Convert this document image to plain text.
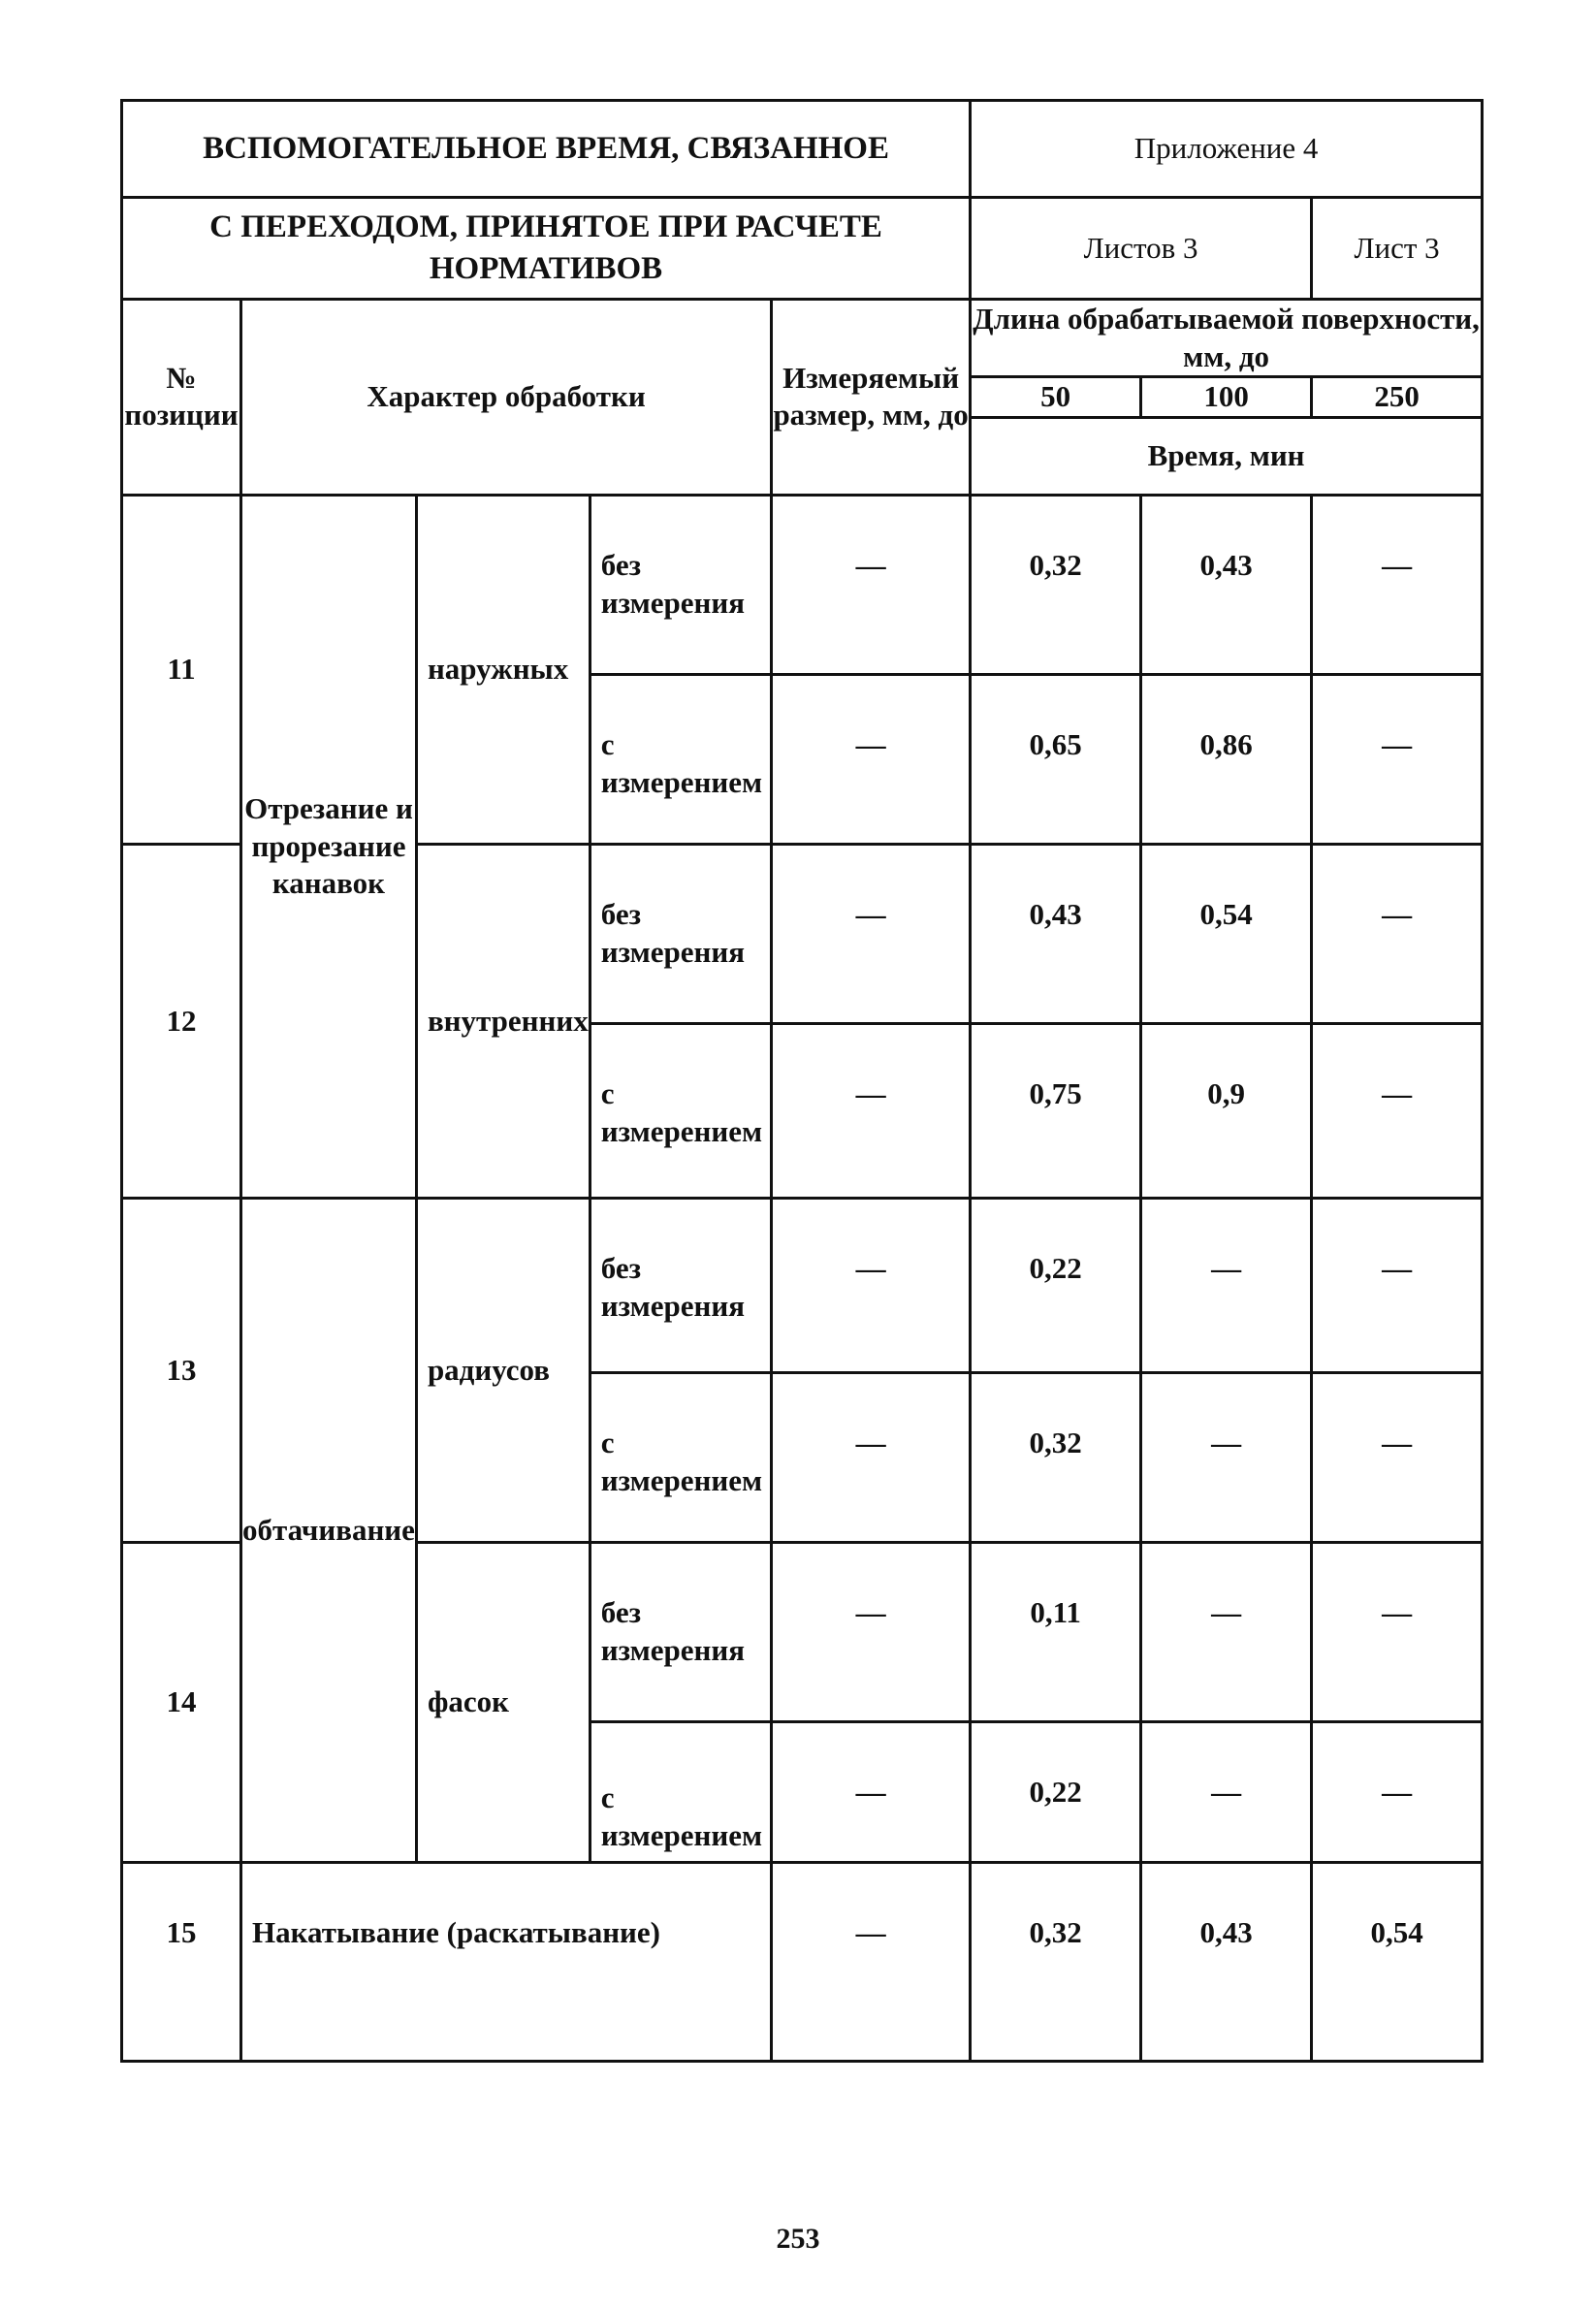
ВСПОМОГАТЕЛЬНОЕ ВРЕМЯ, СВЯЗАННОЕ					Приложение 4		
С ПЕРЕХОДОМ, ПРИНЯТОЕ ПРИ РАСЧЕТЕ НОРМАТИВОВ					Листов 3		Лист 3
№ позиции	Характер обработки			Измеряемый размер, мм, до	Длина обрабатываемой поверхности, мм, до		
					50	100	250
					Время, мин		
11	Отрезание и прорезание канавок	наружных	без измерения	—	0,32	0,43	—
			с измерением	—	0,65	0,86	—
12		внутренних	без измерения	—	0,43	0,54	—
			с измерением	—	0,75	0,9	—
13	обтачивание	радиусов	без измерения	—	0,22	—	—
			с измерением	—	0,32	—	—
14		фасок	без измерения	—	0,11	—	—
			с измерением	—	0,22	—	—
15	Накатывание (раскатывание)			—	0,32	0,43	0,54
253
